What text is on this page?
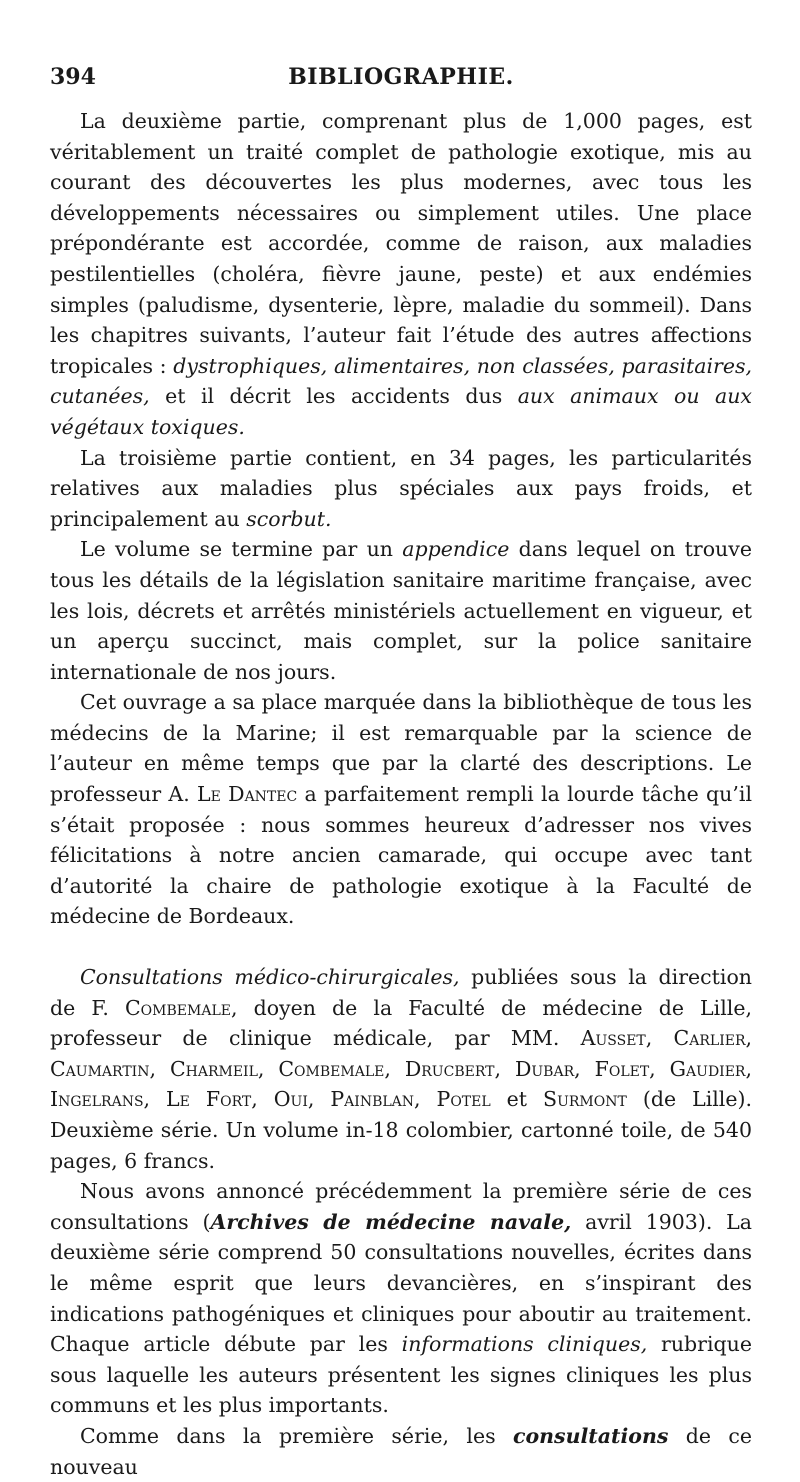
394	BIBLIOGRAPHIE.

La deuxième partie, comprenant plus de 1,000 pages, est véritablement un traité complet de pathologie exotique, mis au courant des découvertes les plus modernes, avec tous les développements nécessaires ou simplement utiles. Une place prépondérante est accordée, comme de raison, aux maladies pestilentielles (choléra, fièvre jaune, peste) et aux endémies simples (paludisme, dysenterie, lèpre, maladie du sommeil). Dans les chapitres suivants, l’auteur fait l’étude des autres affections tropicales : dystrophiques, alimentaires, non classées, parasitaires, cutanées, et il décrit les accidents dus aux animaux ou aux végétaux toxiques.

La troisième partie contient, en 34 pages, les particularités relatives aux maladies plus spéciales aux pays froids, et principalement au scorbut.

Le volume se termine par un appendice dans lequel on trouve tous les détails de la législation sanitaire maritime française, avec les lois, décrets et arrêtés ministériels actuellement en vigueur, et un aperçu succinct, mais complet, sur la police sanitaire internationale de nos jours.

Cet ouvrage a sa place marquée dans la bibliothèque de tous les médecins de la Marine; il est remarquable par la science de l’auteur en même temps que par la clarté des descriptions. Le professeur A. Le Dantec a parfaitement rempli la lourde tâche qu’il s’était proposée : nous sommes heureux d’adresser nos vives félicitations à notre ancien camarade, qui occupe avec tant d’autorité la chaire de pathologie exotique à la Faculté de médecine de Bordeaux.

Consultations médico-chirurgicales, publiées sous la direction de F. Combemale, doyen de la Faculté de médecine de Lille, professeur de clinique médicale, par MM. Ausset, Carlier, Caumartin, Charmeil, Combemale, Drucbert, Dubar, Folet, Gaudier, Ingelrans, Le Fort, Oui, Painblan, Potel et Surmont (de Lille). Deuxième série. Un volume in-18 colombier, cartonné toile, de 540 pages, 6 francs.

Nous avons annoncé précédemment la première série de ces consultations (Archives de médecine navale, avril 1903). La deuxième série comprend 50 consultations nouvelles, écrites dans le même esprit que leurs devancières, en s’inspirant des indications pathogéniques et cliniques pour aboutir au traitement. Chaque article débute par les informations cliniques, rubrique sous laquelle les auteurs présentent les signes cliniques les plus communs et les plus importants.

Comme dans la première série, les consultations de ce nouveau
